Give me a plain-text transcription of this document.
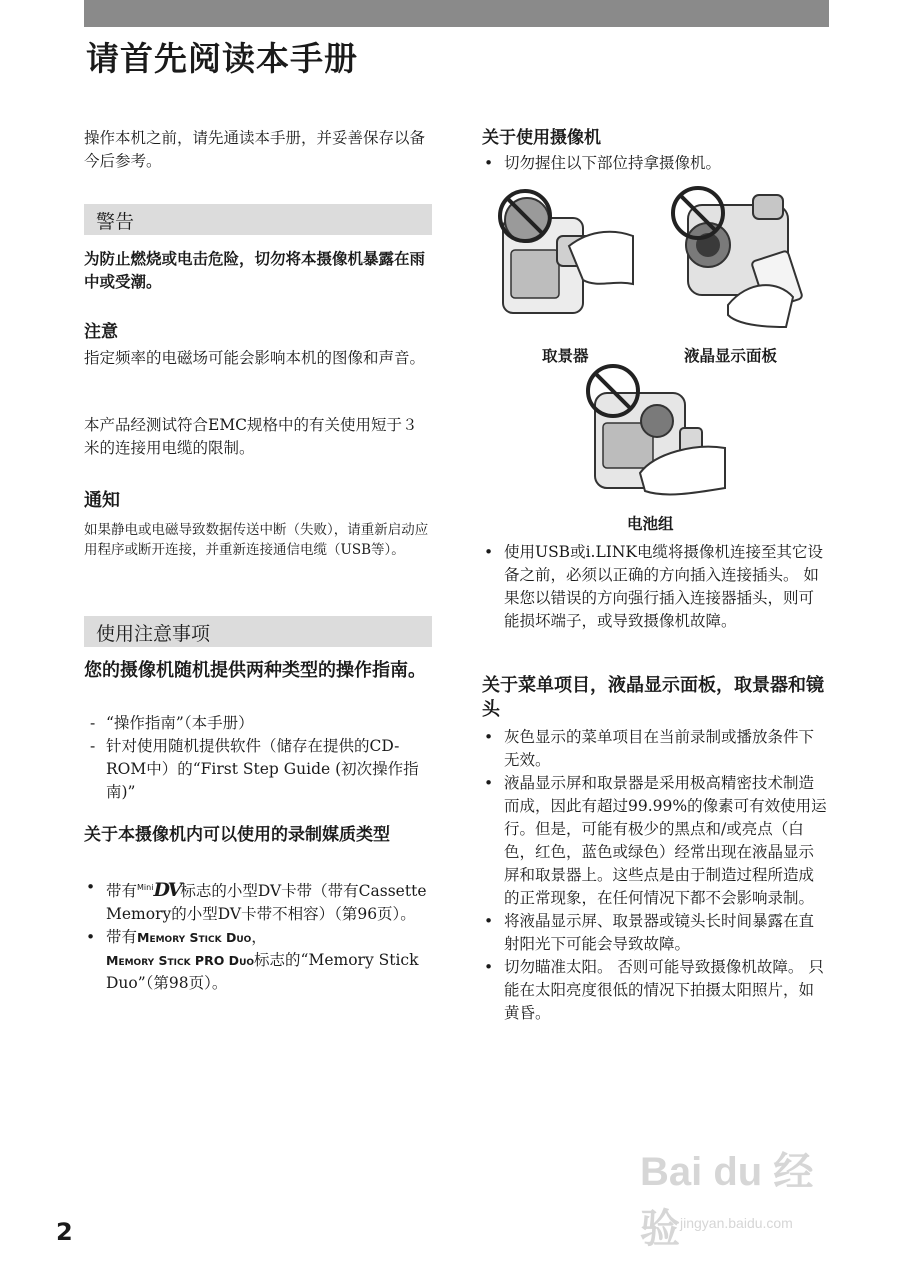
请首先阅读本手册
操作本机之前，请先通读本手册，并妥善保存以备今后参考。
警告
为防止燃烧或电击危险，切勿将本摄像机暴露在雨中或受潮。
注意
指定频率的电磁场可能会影响本机的图像和声音。
本产品经测试符合EMC规格中的有关使用短于３米的连接用电缆的限制。
通知
如果静电或电磁导致数据传送中断（失败），请重新启动应用程序或断开连接，并重新连接通信电缆（USB等）。
使用注意事项
您的摄像机随机提供两种类型的操作指南。
- “操作指南”（本手册）
- 针对使用随机提供软件（储存在提供的CD-ROM中）的“First Step Guide (初次操作指南)”
关于本摄像机内可以使用的录制媒质类型
• 带有$^{Mini}$DV标志的小型DV卡带（带有Cassette Memory的小型DV卡带不相容）（第96页）。
• 带有Memory Stick Duo，
Memory Stick PRO Duo标志的“Memory Stick Duo”（第98页）。
关于使用摄像机
• 切勿握住以下部位持拿摄像机。
• 使用USB或i.LINK电缆将摄像机连接至其它设备之前，必须以正确的方向插入连接插头。 如果您以错误的方向强行插入连接器插头，则可能损坏端子，或导致摄像机故障。
关于菜单项目，液晶显示面板，取景器和镜头
• 灰色显示的菜单项目在当前录制或播放条件下无效。
• 液晶显示屏和取景器是采用极高精密技术制造而成，因此有超过99.99%的像素可有效使用运行。但是，可能有极少的黑点和/或亮点（白色，红色，蓝色或绿色）经常出现在液晶显示屏和取景器上。这些点是由于制造过程所造成的正常现象，在任何情况下都不会影响录制。
• 将液晶显示屏、取景器或镜头长时间暴露在直射阳光下可能会导致故障。
• 切勿瞄准太阳。 否则可能导致摄像机故障。 只能在太阳亮度很低的情况下拍摄太阳照片，如黄昏。
取景器	液晶显示面板
电池组
2
Bai du 经验 jingyan.baidu.com
